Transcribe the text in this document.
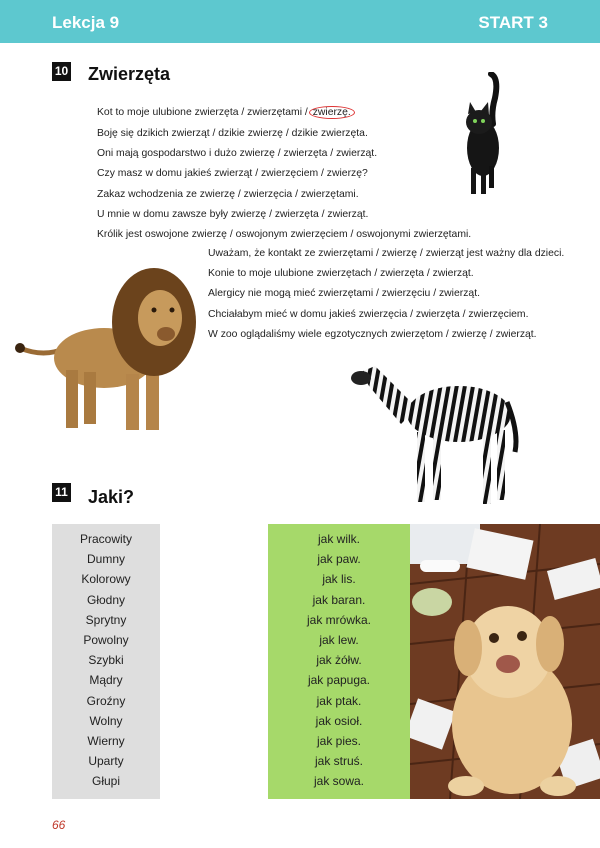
Lekcja 9	START 3
10 Zwierzęta
Kot to moje ulubione zwierzęta / zwierzętami / zwierzę.
Boję się dzikich zwierząt / dzikie zwierzę / dzikie zwierzęta.
Oni mają gospodarstwo i dużo zwierzę / zwierzęta / zwierząt.
Czy masz w domu jakieś zwierząt / zwierzęciem / zwierzę?
Zakaz wchodzenia ze zwierzę / zwierzęcia / zwierzętami.
U mnie w domu zawsze były zwierzę / zwierzęta / zwierząt.
Królik jest oswojone zwierzę / oswojonym zwierzęciem / oswojonymi zwierzętami.
Uważam, że kontakt ze zwierzętami / zwierzę / zwierząt jest ważny dla dzieci.
Konie to moje ulubione zwierzętach / zwierzęta / zwierząt.
Alergicy nie mogą mieć zwierzętami / zwierzęciu / zwierząt.
Chciałabym mieć w domu jakieś zwierzęcia / zwierzęta / zwierzęciem.
W zoo oglądaliśmy wiele egzotycznych zwierzętom / zwierzę / zwierząt.
11 Jaki?
Pracowity
Dumny
Kolorowy
Głodny
Sprytny
Powolny
Szybki
Mądry
Groźny
Wolny
Wierny
Uparty
Głupi
jak wilk.
jak paw.
jak lis.
jak baran.
jak mrówka.
jak lew.
jak żółw.
jak papuga.
jak ptak.
jak osioł.
jak pies.
jak struś.
jak sowa.
66
